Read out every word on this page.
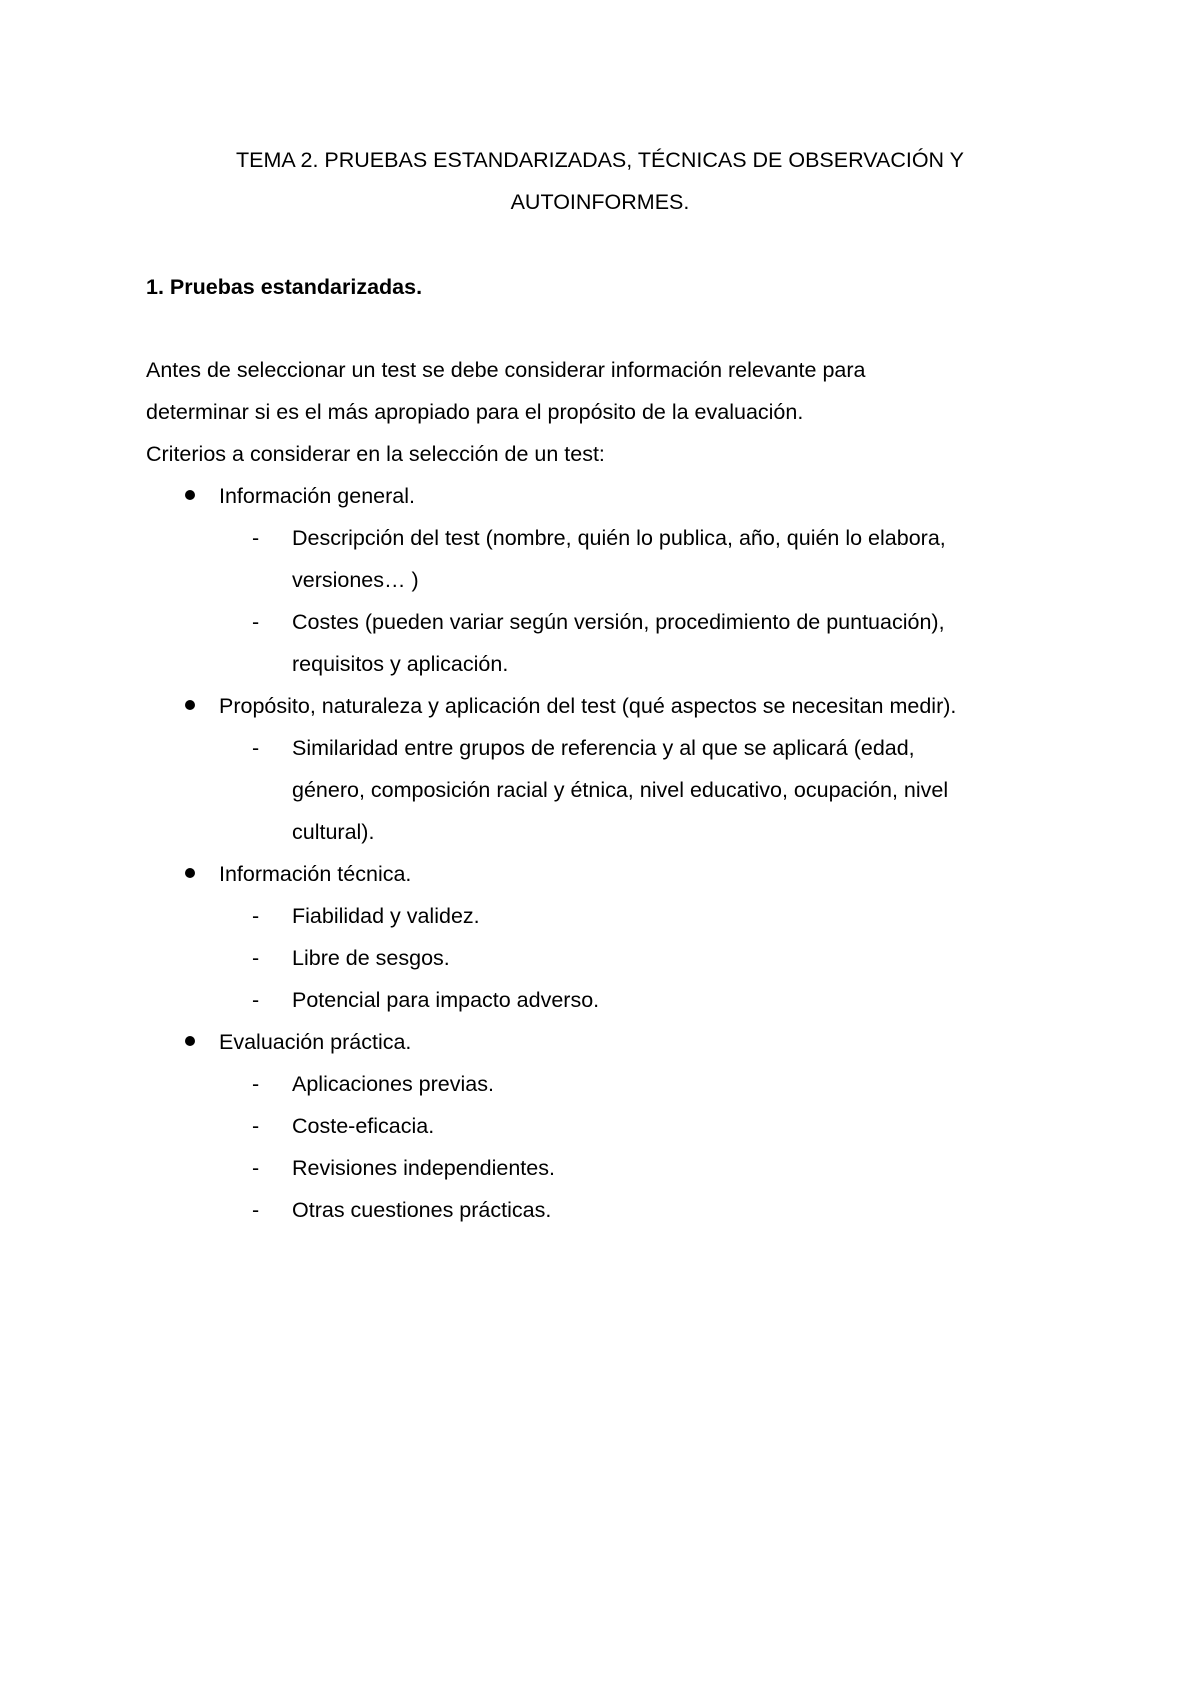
TEMA 2. PRUEBAS ESTANDARIZADAS, TÉCNICAS DE OBSERVACIÓN Y
AUTOINFORMES.
1. Pruebas estandarizadas.
Antes de seleccionar un test se debe considerar información relevante para
determinar si es el más apropiado para el propósito de la evaluación.
Criterios a considerar en la selección de un test:
Información general.
- Descripción del test (nombre, quién lo publica, año, quién lo elabora,
versiones… )
- Costes (pueden variar según versión, procedimiento de puntuación),
requisitos y aplicación.
Propósito, naturaleza y aplicación del test (qué aspectos se necesitan medir).
- Similaridad entre grupos de referencia y al que se aplicará (edad,
género, composición racial y étnica, nivel educativo, ocupación, nivel
cultural).
Información técnica.
- Fiabilidad y validez.
- Libre de sesgos.
- Potencial para impacto adverso.
Evaluación práctica.
- Aplicaciones previas.
- Coste-eficacia.
- Revisiones independientes.
- Otras cuestiones prácticas.
